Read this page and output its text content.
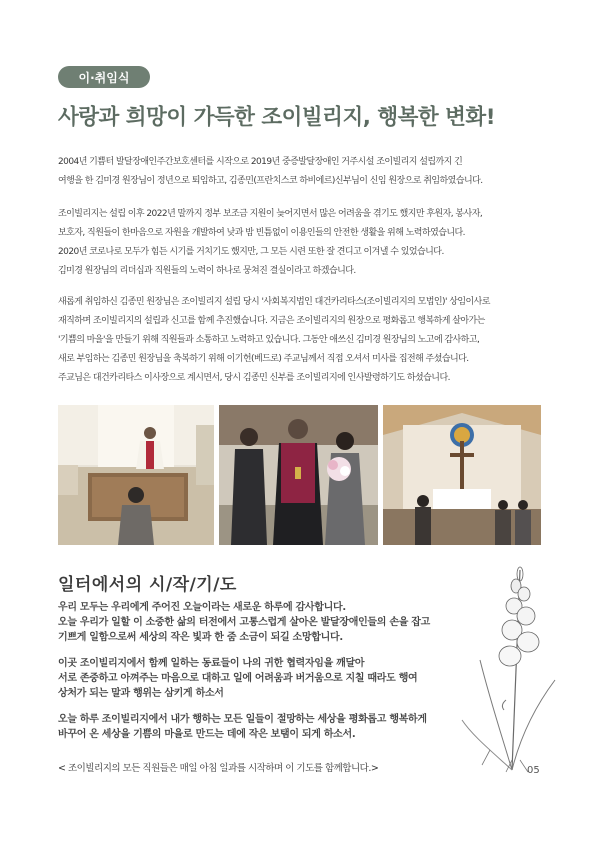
이·취임식
사랑과 희망이 가득한 조이빌리지, 행복한 변화!

2004년 기쁨터 발달장애인주간보호센터를 시작으로 2019년 중증발달장애인 거주시설 조이빌리지 설립까지 긴

여행을 한 김미경 원장님이 정년으로 퇴임하고, 김종민(프란치스코 하비에르)신부님이 신임 원장으로 취임하였습니다.

조이빌리지는 설립 이후 2022년 말까지 정부 보조금 지원이 늦어지면서 많은 어려움을 겪기도 했지만 후원자, 봉사자,

보호자, 직원들이 한마음으로 자원을 개발하여 낮과 밤 빈틈없이 이용인들의 안전한 생활을 위해 노력하였습니다.

2020년 코로나로 모두가 힘든 시기를 거치기도 했지만, 그 모든 시련 또한 잘 견디고 이겨낼 수 있었습니다.

김미경 원장님의 리더십과 직원들의 노력이 하나로 뭉쳐진 결실이라고 하겠습니다.

새롭게 취임하신 김종민 원장님은 조이빌리지 설립 당시 '사회복지법인 대건카리타스(조이빌리지의 모법인)' 상임이사로

재직하며 조이빌리지의 설립과 신고를 함께 추진했습니다. 지금은 조이빌리지의 원장으로 평화롭고 행복하게 살아가는

'기쁨의 마을'을 만들기 위해 직원들과 소통하고 노력하고 있습니다. 그동안 애쓰신 김미경 원장님의 노고에 감사하고,

새로 부임하는 김종민 원장님을 축복하기 위해 이기헌(베드로) 주교님께서 직접 오셔서 미사를 집전해 주셨습니다.

주교님은 대건카리타스 이사장으로 계시면서, 당시 김종민 신부를 조이빌리지에 인사발령하기도 하셨습니다.

일터에서의 시/작/기/도

우리 모두는 우리에게 주어진 오늘이라는 새로운 하루에 감사합니다.

오늘 우리가 일할 이 소중한 삶의 터전에서 고통스럽게 살아온 발달장애인들의 손을 잡고

기쁘게 일함으로써 세상의 작은 빛과 한 줌 소금이 되길 소망합니다.

이곳 조이빌리지에서 함께 일하는 동료들이 나의 귀한 협력자임을 깨달아

서로 존중하고 아껴주는 마음으로 대하고 일에 어려움과 버거움으로 지칠 때라도 행여

상처가 되는 말과 행위는 삼키게 하소서

오늘 하루 조이빌리지에서 내가 행하는 모든 일들이 절망하는 세상을 평화롭고 행복하게

바꾸어 온 세상을 기쁨의 마을로 만드는 데에 작은 보탬이 되게 하소서.

< 조이빌리지의 모든 직원들은 매일 아침 일과를 시작하며 이 기도를 함께합니다.>	05
